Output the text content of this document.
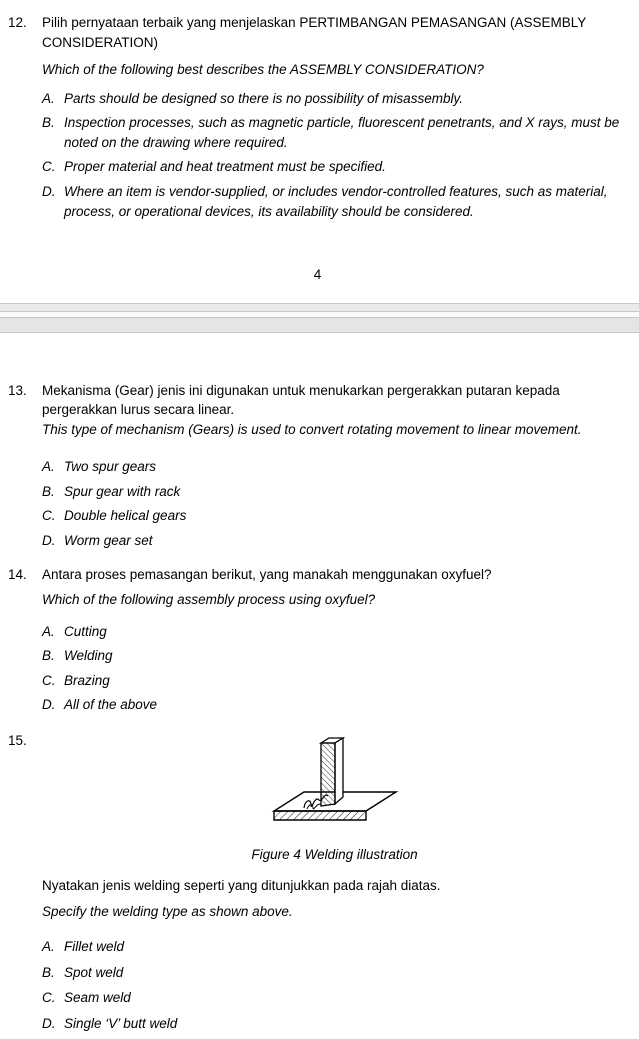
12.	Pilih pernyataan terbaik yang menjelaskan PERTIMBANGAN PEMASANGAN (ASSEMBLY CONSIDERATION)

Which of the following best describes the ASSEMBLY CONSIDERATION?

A. Parts should be designed so there is no possibility of misassembly.
B. Inspection processes, such as magnetic particle, fluorescent penetrants, and X rays, must be noted on the drawing where required.
C. Proper material and heat treatment must be specified.
D. Where an item is vendor-supplied, or includes vendor-controlled features, such as material, process, or operational devices, its availability should be considered.
4
13.	Mekanisma (Gear) jenis ini digunakan untuk menukarkan pergerakkan putaran kepada pergerakkan lurus secara linear.

This type of mechanism (Gears) is used to convert rotating movement to linear movement.

A. Two spur gears
B. Spur gear with rack
C. Double helical gears
D. Worm gear set
14.	Antara proses pemasangan berikut, yang manakah menggunakan oxyfuel?

Which of the following assembly process using oxyfuel?

A. Cutting
B. Welding
C. Brazing
D. All of the above
15.
Figure 4 Welding illustration

Nyatakan jenis welding seperti yang ditunjukkan pada rajah diatas.

Specify the welding type as shown above.

A. Fillet weld
B. Spot weld
C. Seam weld
D. Single ‘V’ butt weld
